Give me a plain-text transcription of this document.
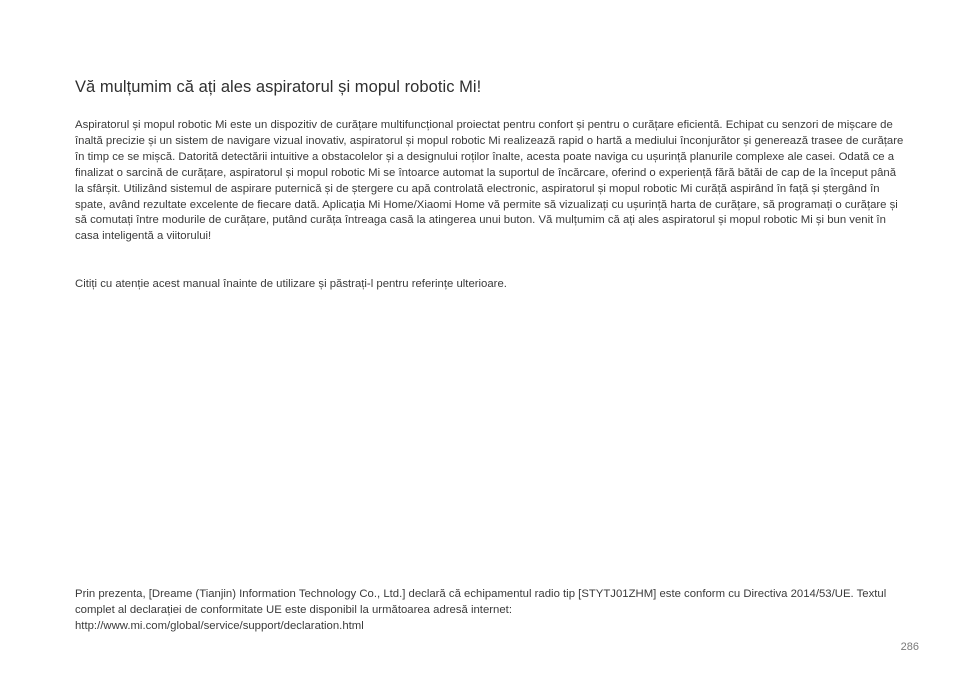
Vă mulțumim că ați ales aspiratorul și mopul robotic Mi!

Aspiratorul și mopul robotic Mi este un dispozitiv de curățare multifuncțional proiectat pentru confort și pentru o curățare eficientă. Echipat cu senzori de mișcare de înaltă precizie și un sistem de navigare vizual inovativ, aspiratorul și mopul robotic Mi realizează rapid o hartă a mediului înconjurător și generează trasee de curățare în timp ce se mișcă. Datorită detectării intuitive a obstacolelor și a designului roților înalte, acesta poate naviga cu ușurință planurile complexe ale casei. Odată ce a finalizat o sarcină de curățare, aspiratorul și mopul robotic Mi se întoarce automat la suportul de încărcare, oferind o experiență fără bătăi de cap de la început până la sfârșit. Utilizând sistemul de aspirare puternică și de ștergere cu apă controlată electronic, aspiratorul și mopul robotic Mi curăță aspirând în față și ștergând în spate, având rezultate excelente de fiecare dată. Aplicația Mi Home/Xiaomi Home vă permite să vizualizați cu ușurință harta de curățare, să programați o curățare și să comutați între modurile de curățare, putând curăța întreaga casă la atingerea unui buton. Vă mulțumim că ați ales aspiratorul și mopul robotic Mi și bun venit în casa inteligentă a viitorului!

Citiți cu atenție acest manual înainte de utilizare și păstrați-l pentru referințe ulterioare.

Prin prezenta, [Dreame (Tianjin) Information Technology Co., Ltd.] declară că echipamentul radio tip [STYTJ01ZHM] este conform cu Directiva 2014/53/UE. Textul complet al declarației de conformitate UE este disponibil la următoarea adresă internet:
http://www.mi.com/global/service/support/declaration.html

286
